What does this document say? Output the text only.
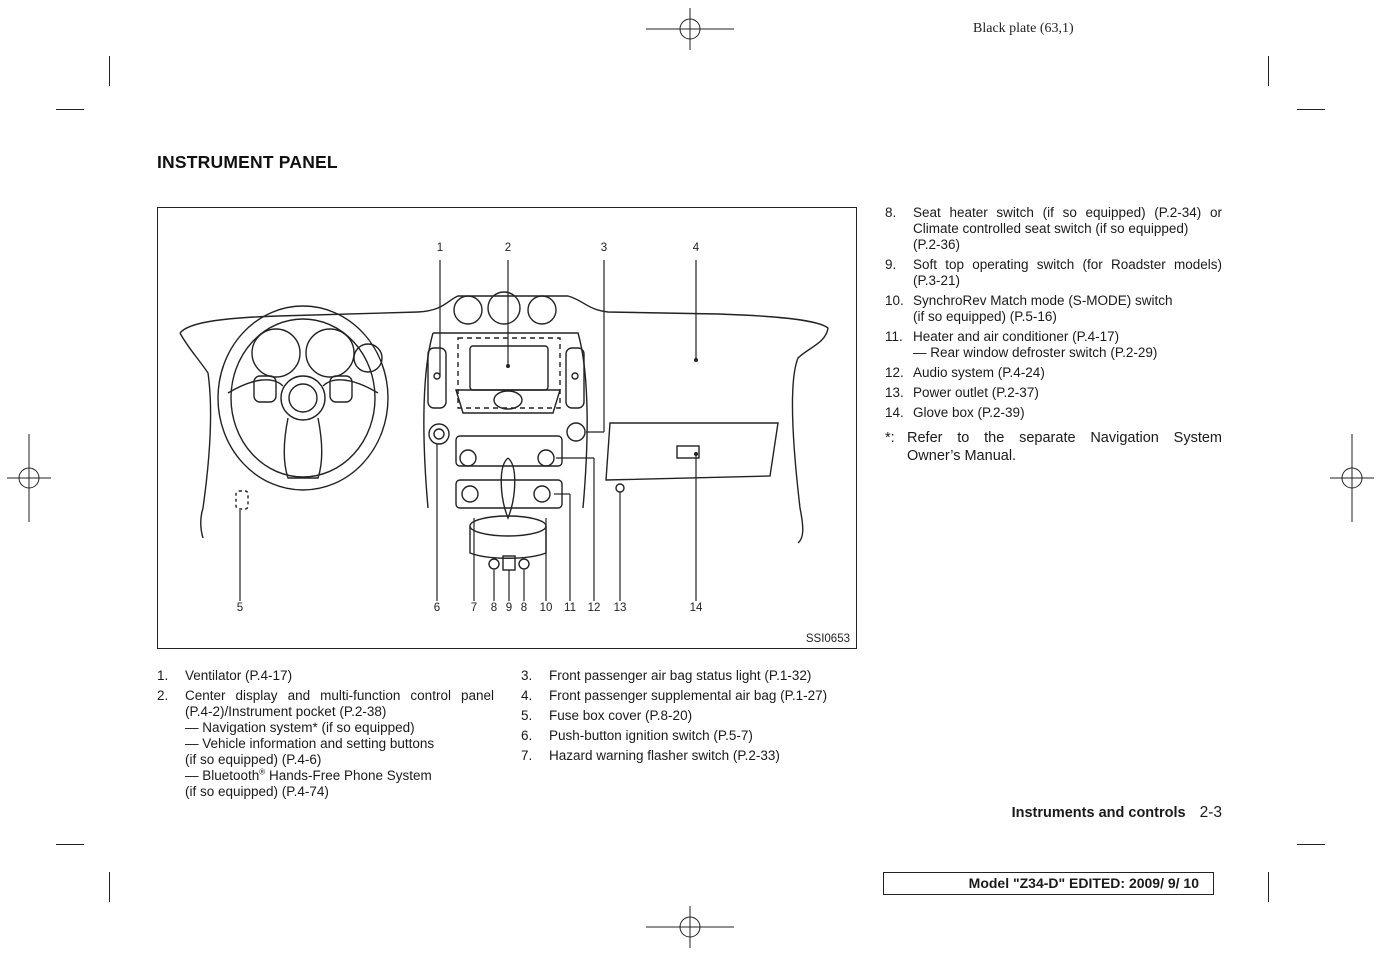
Black plate (63,1)
INSTRUMENT PANEL
1	2	3	4
5	6	7 8 9 8 10 11 12 13	14
SSI0653
1. Ventilator (P.4-17)
2. Center display and multi-function control panel
(P.4-2)/Instrument pocket (P.2-38)
— Navigation system* (if so equipped)
— Vehicle information and setting buttons
(if so equipped) (P.4-6)
— Bluetooth® Hands-Free Phone System
(if so equipped) (P.4-74)
3. Front passenger air bag status light (P.1-32)
4. Front passenger supplemental air bag (P.1-27)
5. Fuse box cover (P.8-20)
6. Push-button ignition switch (P.5-7)
7. Hazard warning flasher switch (P.2-33)
8. Seat heater switch (if so equipped) (P.2-34) or
Climate controlled seat switch (if so equipped)
(P.2-36)
9. Soft top operating switch (for Roadster models)
(P.3-21)
10. SynchroRev Match mode (S-MODE) switch
(if so equipped) (P.5-16)
11. Heater and air conditioner (P.4-17)
— Rear window defroster switch (P.2-29)
12. Audio system (P.4-24)
13. Power outlet (P.2-37)
14. Glove box (P.2-39)
*: Refer to the separate Navigation System
Owner’s Manual.
Instruments and controls 2-3
Model "Z34-D" EDITED: 2009/ 9/ 10
